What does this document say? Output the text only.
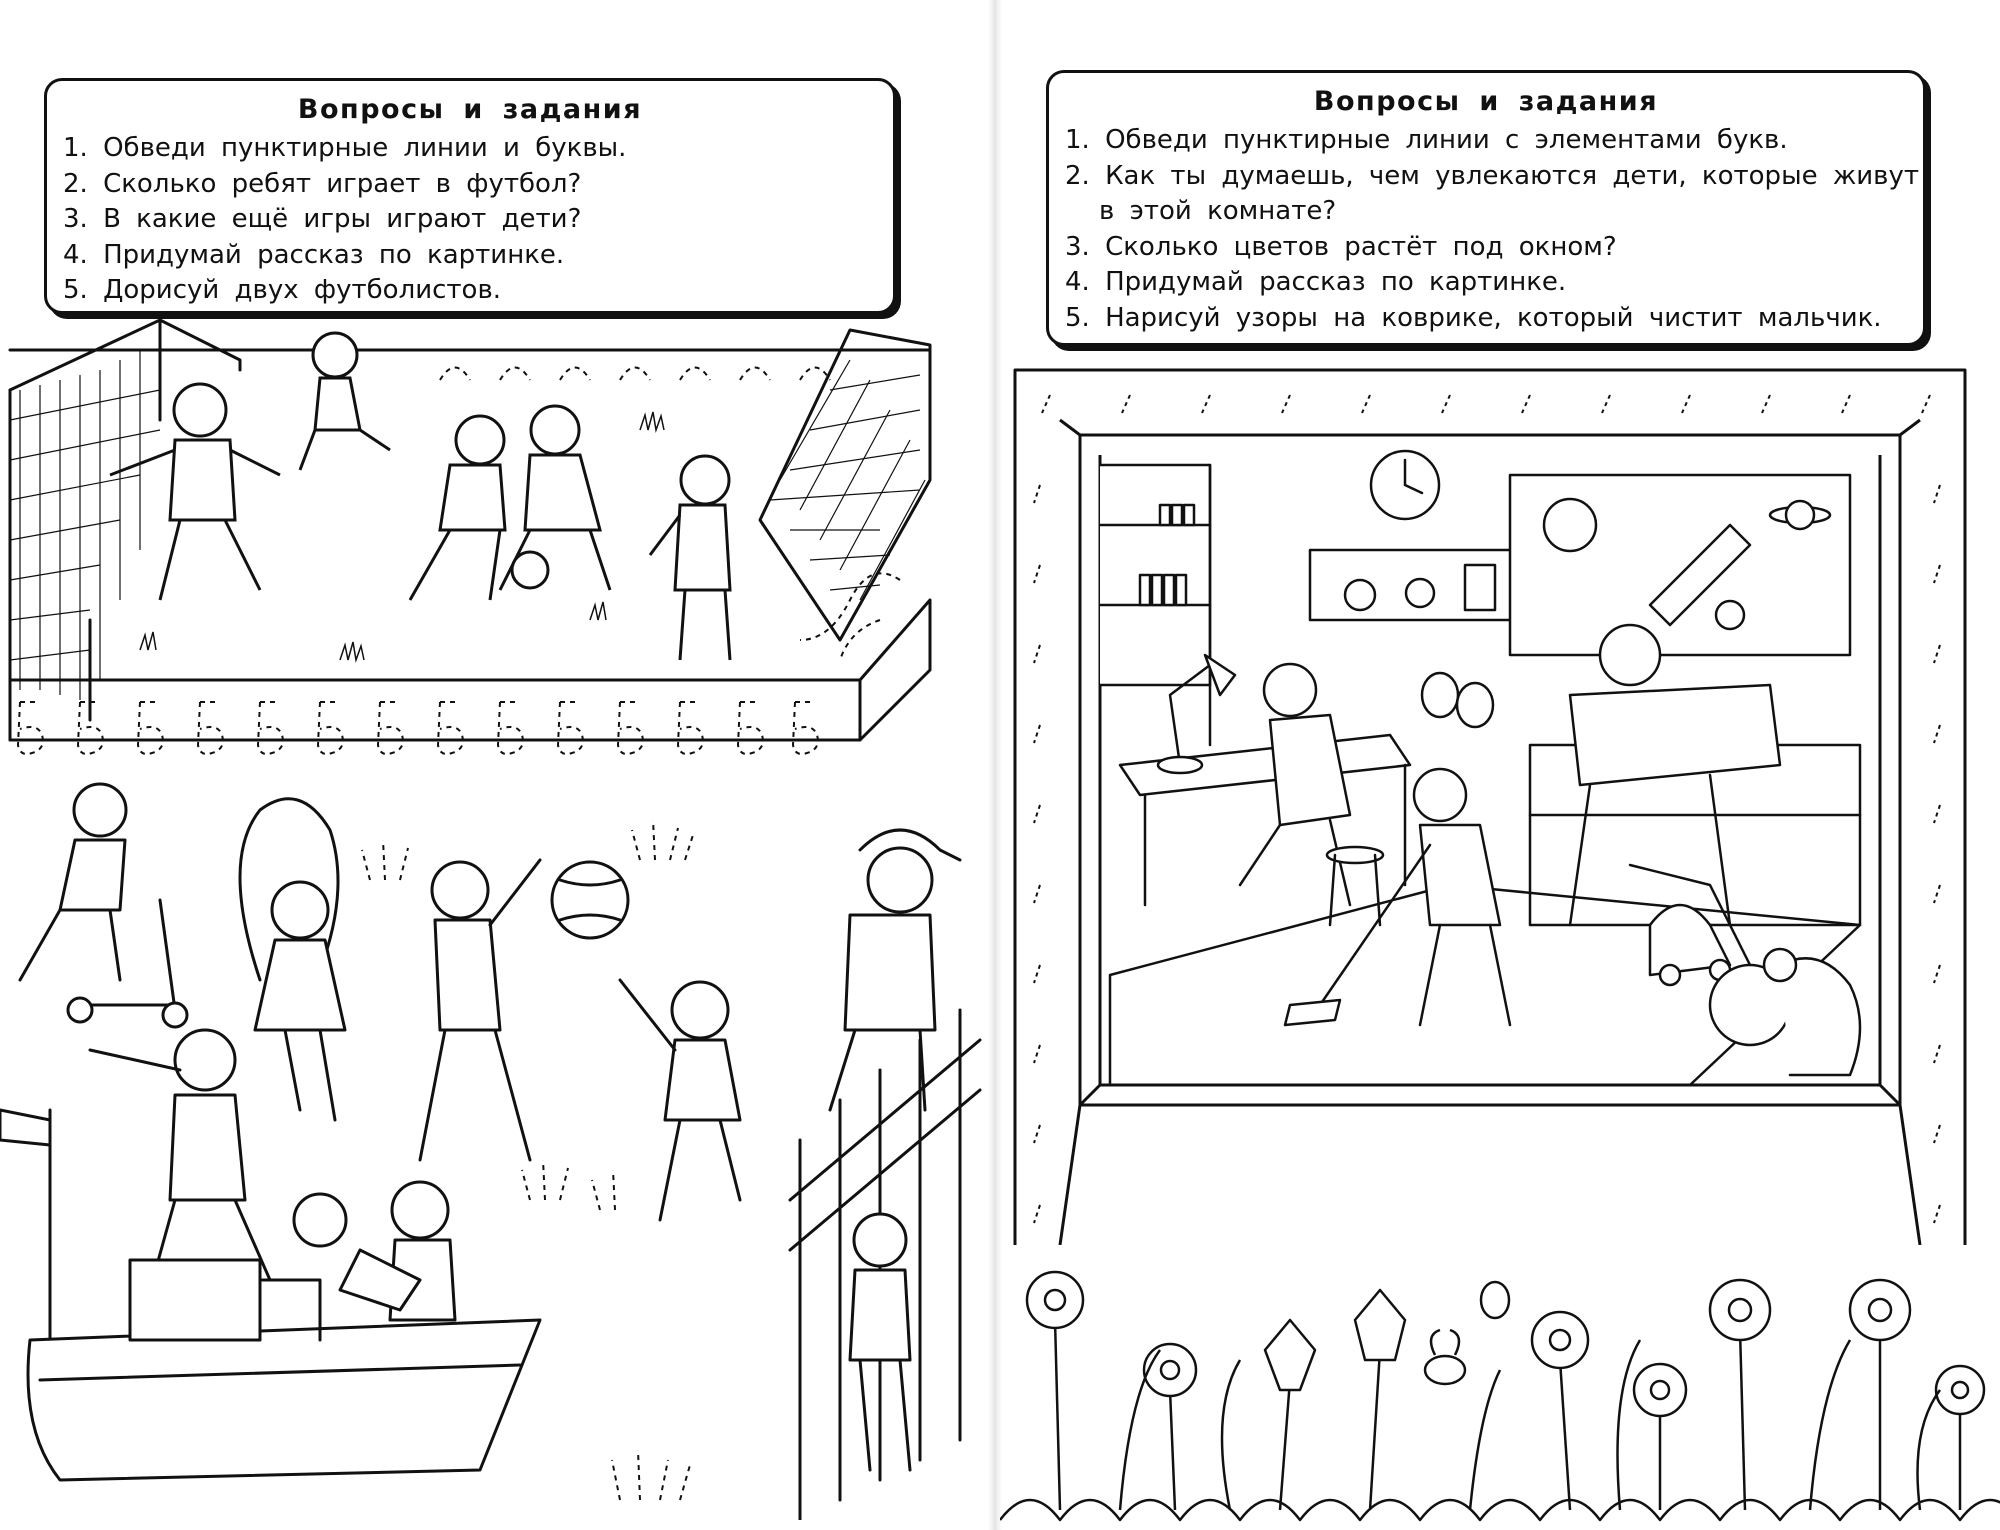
Вопросы и задания
1. Обведи пунктирные линии и буквы.
2. Сколько ребят играет в футбол?
3. В какие ещё игры играют дети?
4. Придумай рассказ по картинке.
5. Дорисуй двух футболистов.
Вопросы и задания
1. Обведи пунктирные линии с элементами букв.
2. Как ты думаешь, чем увлекаются дети, которые живут
в этой комнате?
3. Сколько цветов растёт под окном?
4. Придумай рассказ по картинке.
5. Нарисуй узоры на коврике, который чистит мальчик.
